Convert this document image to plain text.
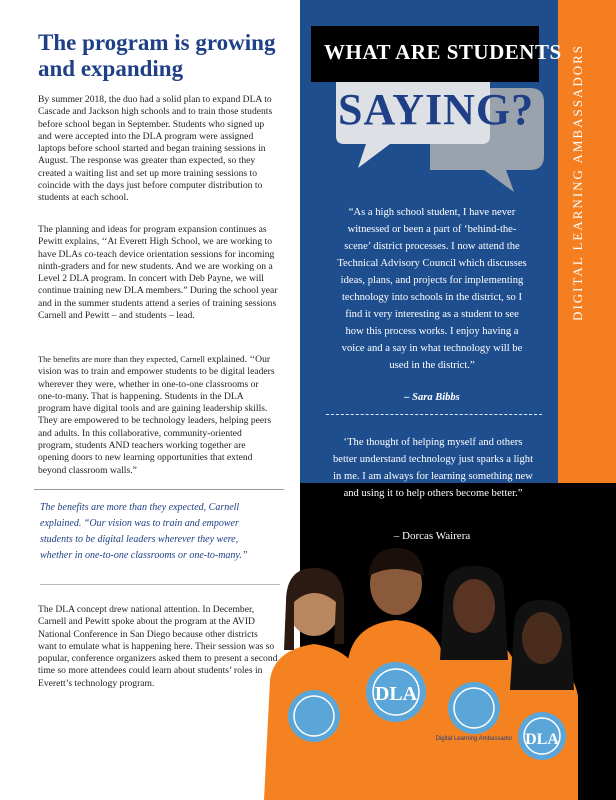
The program is growing and expanding

By summer 2018, the duo had a solid plan to expand DLA to Cascade and Jackson high schools and to train those students before school began in September. Students who signed up and were accepted into the DLA program were assigned laptops before school started and began training sessions in August. The response was greater than expected, so they created a waiting list and set up more training sessions to coincide with the days just before computer distribution to students at each school.

The planning and ideas for program expansion continues as Pewitt explains, ‘‘At Everett High School, we are working to have DLAs co-teach device orientation sessions for incoming ninth-graders and for new students. And we are working on a Level 2 DLA program. In concert with Deb Payne, we will continue training new DLA members.” During the school year and in the summer students attend a series of training sessions Carnell and Pewitt – and students – lead.

The benefits are more than they expected, Carnell explained. ‘‘Our vision was to train and empower students to be digital leaders wherever they were, whether in one-to-one classrooms or one-to-many. That is happening. Students in the DLA program have digital tools and are gaining leadership skills. They are empowered to be technology leaders, helping peers and adults. In this collaborative, community-oriented program, students AND teachers working together are opening doors to new learning opportunities that extend beyond classroom walls.”

The benefits are more than they expected, Carnell explained. “Our vision was to train and empower students to be digital leaders wherever they were, whether in one-to-one classrooms or one-to-many.”

The DLA concept drew national attention. In December, Carnell and Pewitt spoke about the program at the AVID National Conference in San Diego because other districts want to emulate what is happening here. Their session was so popular, conference organizers asked them to present a second time so more attendees could learn about students’ roles in Everett’s technology program.

DIGITAL LEARNING AMBASSADORS
WHAT ARE STUDENTS
SAYING?

“As a high school student, I have never witnessed or been a part of ‘behind-the-scene’ district processes. I now attend the Technical Advisory Council which discusses ideas, plans, and projects for implementing technology into schools in the district, so I find it very interesting as a student to see how this process works. I enjoy having a voice and a say in what technology will be used in the district.”

– Sara Bibbs

‘The thought of helping myself and others better understand technology just sparks a light in me. I am always for learning something new and using it to help others become better.”

– Dorcas Wairera
DLA
DLA
Digital Learning Ambassador
